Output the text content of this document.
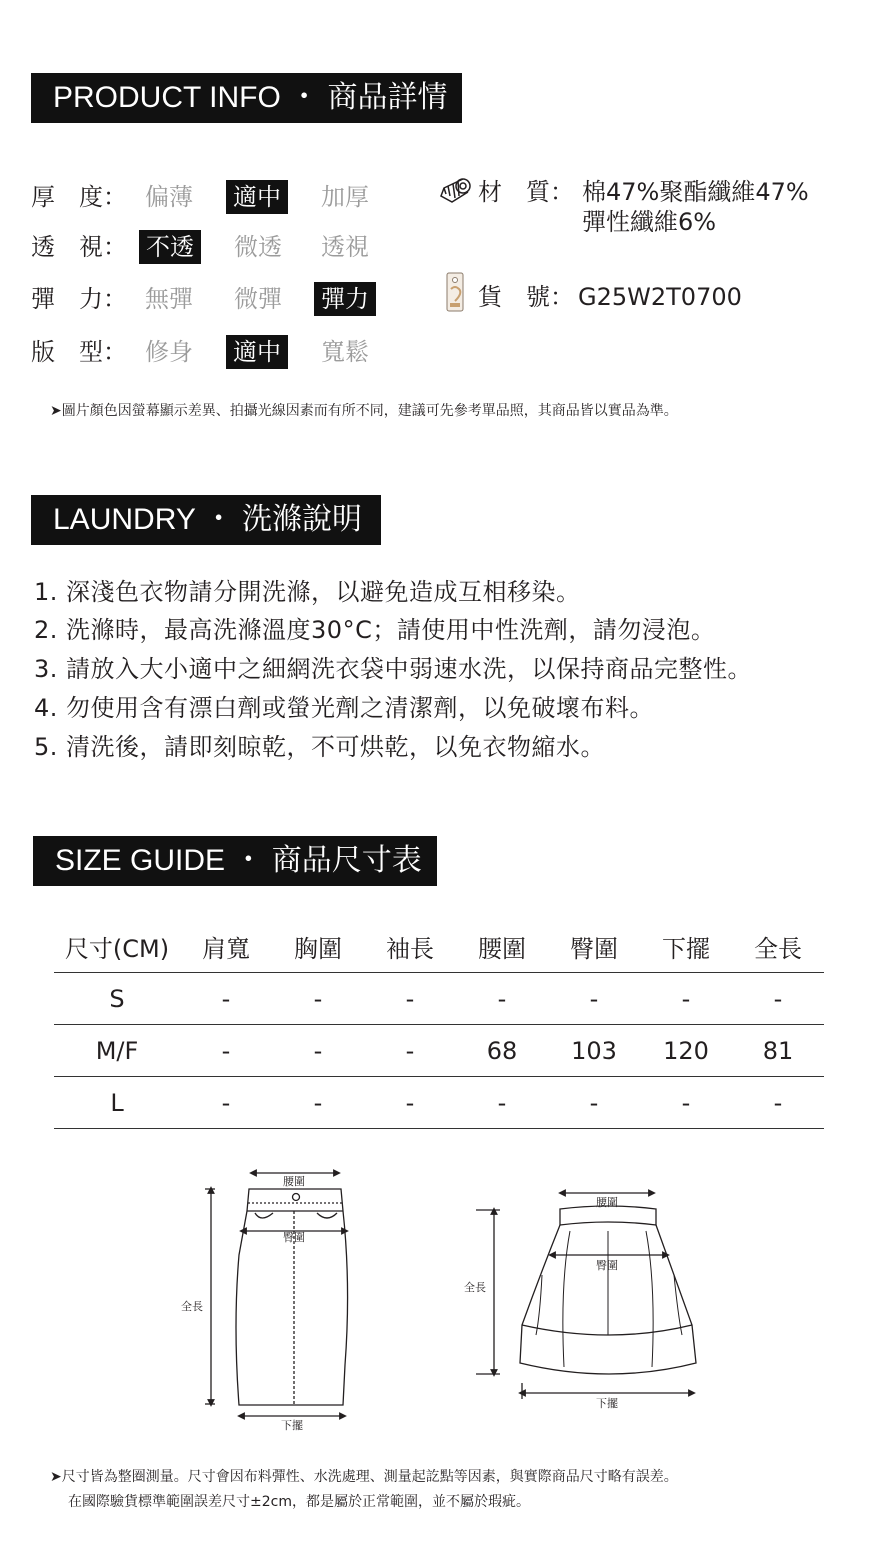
PRODUCT INFO ・ 商品詳情
厚　度： 偏薄 適中 加厚
透　視： 不透 微透 透視
彈　力： 無彈 微彈 彈力
版　型： 修身 適中 寬鬆
材　質： 棉47%聚酯纖維47%
彈性纖維6%
貨　號： G25W2T0700
➤圖片顏色因螢幕顯示差異、拍攝光線因素而有所不同，建議可先參考單品照，其商品皆以實品為準。
LAUNDRY ・ 洗滌說明
1. 深淺色衣物請分開洗滌，以避免造成互相移染。
2. 洗滌時，最高洗滌溫度30°C；請使用中性洗劑，請勿浸泡。
3. 請放入大小適中之細網洗衣袋中弱速水洗，以保持商品完整性。
4. 勿使用含有漂白劑或螢光劑之清潔劑，以免破壞布料。
5. 清洗後，請即刻晾乾，不可烘乾，以免衣物縮水。
SIZE GUIDE ・ 商品尺寸表
尺寸(CM)	肩寬	胸圍	袖長	腰圍	臀圍	下擺	全長
S	-	-	-	-	-	-	-
M/F	-	-	-	68	103	120	81
L	-	-	-	-	-	-	-
腰圍
臀圍
全長
下擺
腰圍
臀圍
全長
下擺
➤尺寸皆為整圈測量。尺寸會因布料彈性、水洗處理、測量起訖點等因素，與實際商品尺寸略有誤差。
在國際驗貨標準範圍誤差尺寸±2cm，都是屬於正常範圍，並不屬於瑕疵。
